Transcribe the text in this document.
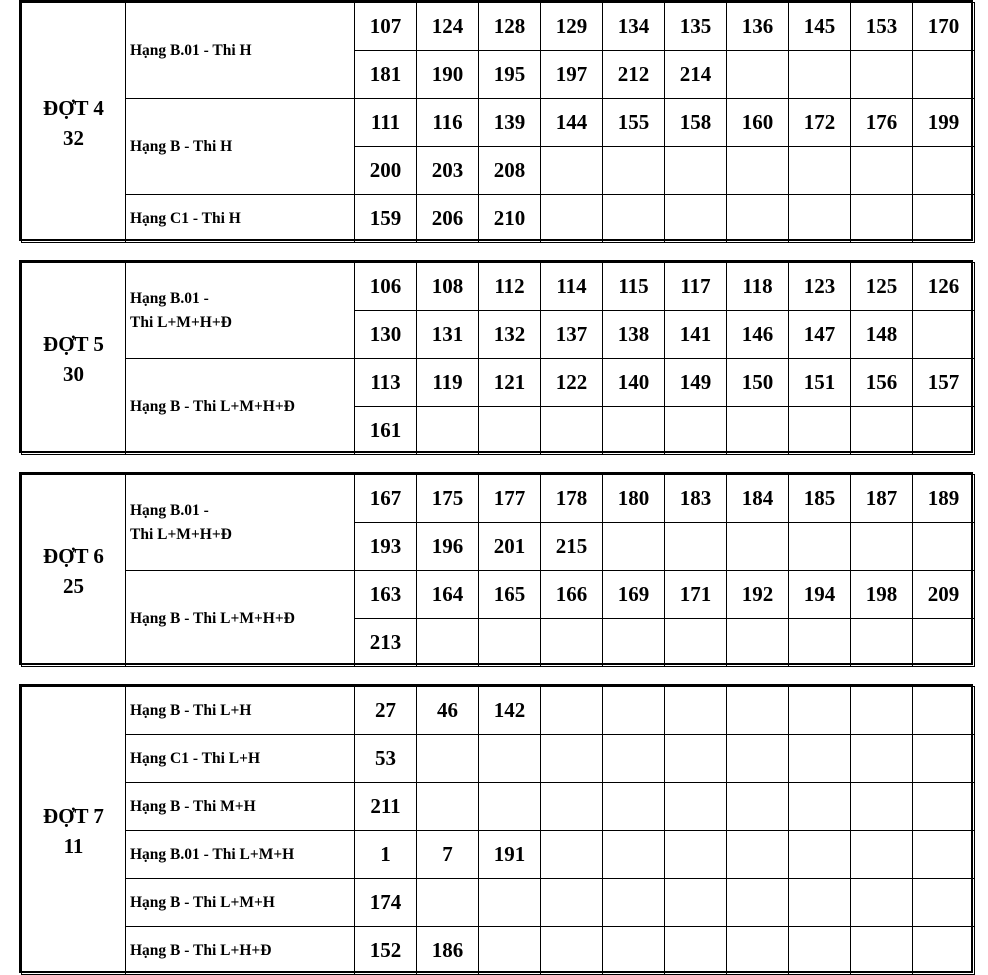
ĐỢT 4
32	Hạng B.01 - Thi H	107	124	128	129	134	135	136	145	153	170
		181	190	195	197	212	214				
	Hạng B - Thi H	111	116	139	144	155	158	160	172	176	199
		200	203	208							
	Hạng C1 - Thi H	159	206	210							
ĐỢT 5
30	Hạng B.01 - Thi L+M+H+Đ	106	108	112	114	115	117	118	123	125	126
		130	131	132	137	138	141	146	147	148	
	Hạng B - Thi L+M+H+Đ	113	119	121	122	140	149	150	151	156	157
		161									
ĐỢT 6
25	Hạng B.01 - Thi L+M+H+Đ	167	175	177	178	180	183	184	185	187	189
		193	196	201	215						
	Hạng B - Thi L+M+H+Đ	163	164	165	166	169	171	192	194	198	209
		213									
ĐỢT 7
11	Hạng B - Thi L+H	27	46	142							
	Hạng C1 - Thi L+H	53									
	Hạng B - Thi M+H	211									
	Hạng B.01 - Thi L+M+H	1	7	191							
	Hạng B - Thi L+M+H	174									
	Hạng B - Thi L+H+Đ	152	186								
